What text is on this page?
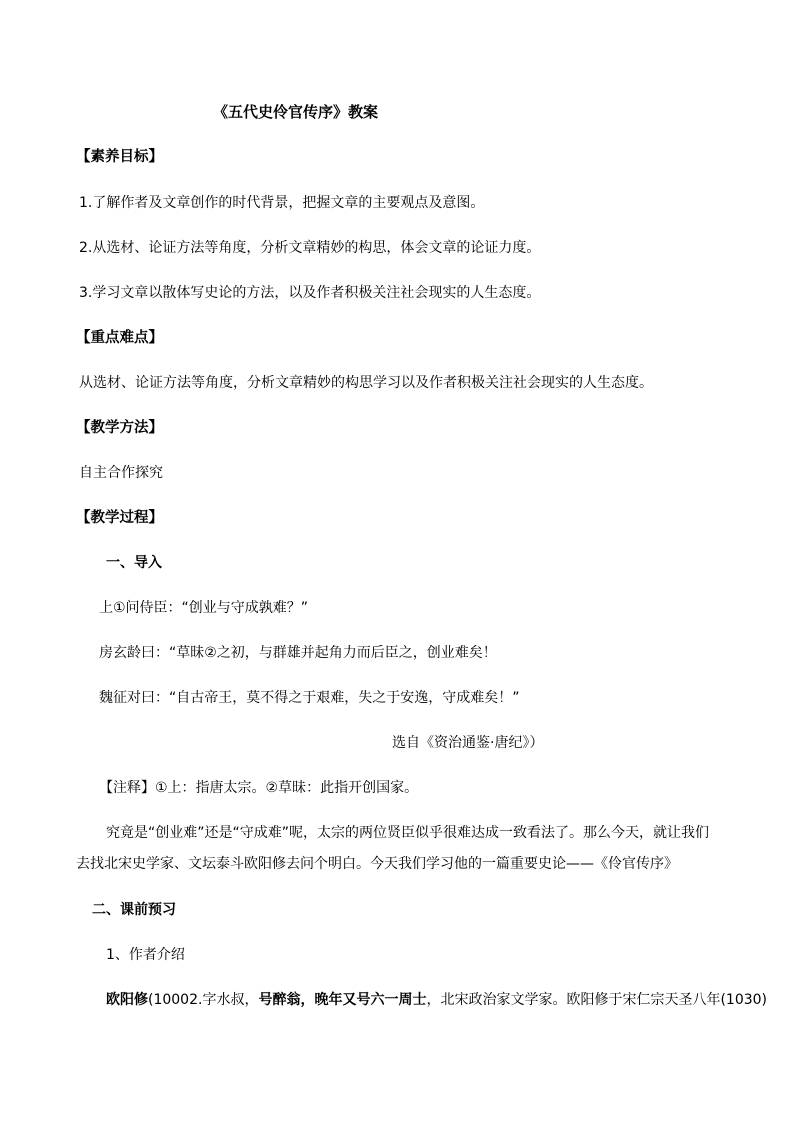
《五代史伶官传序》教案
【素养目标】
1.了解作者及文章创作的时代背景，把握文章的主要观点及意图。
2.从选材、论证方法等角度，分析文章精妙的构思，体会文章的论证力度。
3.学习文章以散体写史论的方法，以及作者积极关注社会现实的人生态度。
【重点难点】
从选材、论证方法等角度，分析文章精妙的构思学习以及作者积极关注社会现实的人生态度。
【教学方法】
自主合作探究
【教学过程】
一、导入
上①问侍臣：“创业与守成孰难？”
房玄龄曰：“草昧②之初，与群雄并起角力而后臣之，创业难矣！
魏征对曰：“自古帝王，莫不得之于艰难，失之于安逸，守成难矣！”
选自《资治通鉴·唐纪》）
【注释】①上：指唐太宗。②草昧：此指开创国家。
究竟是“创业难”还是“守成难”呢，太宗的两位贤臣似乎很难达成一致看法了。那么今天，就让我们
去找北宋史学家、文坛泰斗欧阳修去问个明白。今天我们学习他的一篇重要史论——《伶官传序》
二、课前预习
1、作者介绍
欧阳修(10002.字水叔，号醉翁，晚年又号六一周士，北宋政治家文学家。欧阳修于宋仁宗天圣八年(1030)
